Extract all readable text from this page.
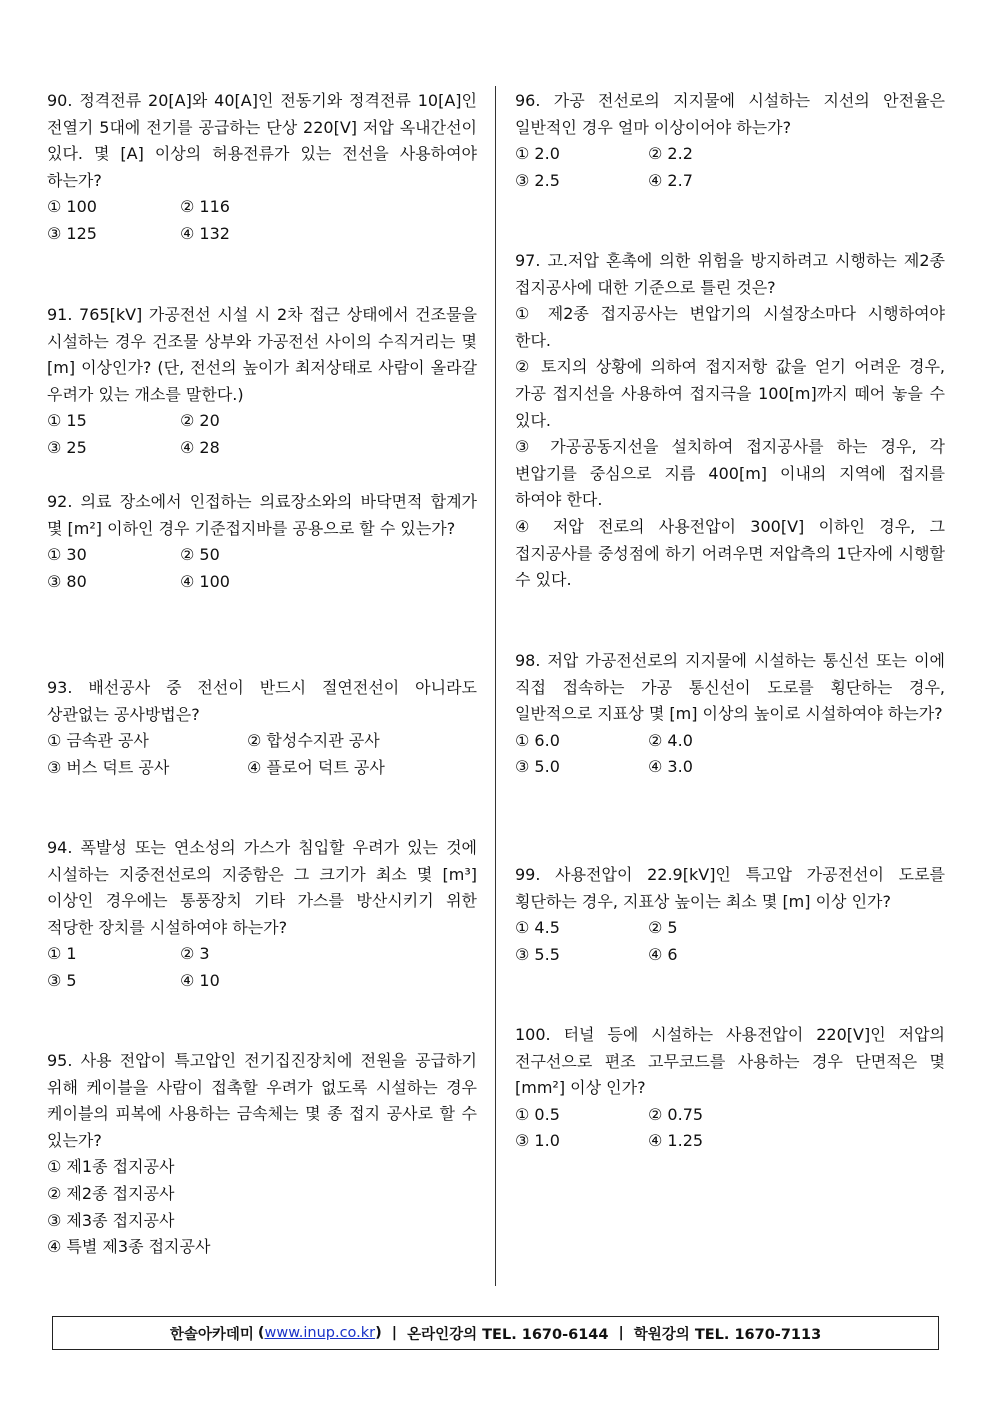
90. 정격전류 20[A]와 40[A]인 전동기와 정격전류 10[A]인 전열기 5대에 전기를 공급하는 단상 220[V] 저압 옥내간선이 있다. 몇 [A] 이상의 허용전류가 있는 전선을 사용하여야 하는가?
① 100	② 116
③ 125	④ 132
91. 765[kV] 가공전선 시설 시 2차 접근 상태에서 건조물을 시설하는 경우 건조물 상부와 가공전선 사이의 수직거리는 몇 [m] 이상인가? (단, 전선의 높이가 최저상태로 사람이 올라갈 우려가 있는 개소를 말한다.)
① 15	② 20
③ 25	④ 28
92. 의료 장소에서 인접하는 의료장소와의 바닥면적 합계가 몇 [m²] 이하인 경우 기준접지바를 공용으로 할 수 있는가?
① 30	② 50
③ 80	④ 100
93. 배선공사 중 전선이 반드시 절연전선이 아니라도 상관없는 공사방법은?
① 금속관 공사	② 합성수지관 공사
③ 버스 덕트 공사	④ 플로어 덕트 공사
94. 폭발성 또는 연소성의 가스가 침입할 우려가 있는 것에 시설하는 지중전선로의 지중함은 그 크기가 최소 몇 [m³] 이상인 경우에는 통풍장치 기타 가스를 방산시키기 위한 적당한 장치를 시설하여야 하는가?
① 1	② 3
③ 5	④ 10
95. 사용 전압이 특고압인 전기집진장치에 전원을 공급하기 위해 케이블을 사람이 접촉할 우려가 없도록 시설하는 경우 케이블의 피복에 사용하는 금속체는 몇 종 접지 공사로 할 수 있는가?
① 제1종 접지공사
② 제2종 접지공사
③ 제3종 접지공사
④ 특별 제3종 접지공사
96. 가공 전선로의 지지물에 시설하는 지선의 안전율은 일반적인 경우 얼마 이상이어야 하는가?
① 2.0	② 2.2
③ 2.5	④ 2.7
97. 고.저압 혼촉에 의한 위험을 방지하려고 시행하는 제2종 접지공사에 대한 기준으로 틀린 것은?
① 제2종 접지공사는 변압기의 시설장소마다 시행하여야 한다.
② 토지의 상황에 의하여 접지저항 값을 얻기 어려운 경우, 가공 접지선을 사용하여 접지극을 100[m]까지 떼어 놓을 수 있다.
③ 가공공동지선을 설치하여 접지공사를 하는 경우, 각 변압기를 중심으로 지름 400[m] 이내의 지역에 접지를 하여야 한다.
④ 저압 전로의 사용전압이 300[V] 이하인 경우, 그 접지공사를 중성점에 하기 어려우면 저압측의 1단자에 시행할 수 있다.
98. 저압 가공전선로의 지지물에 시설하는 통신선 또는 이에 직접 접속하는 가공 통신선이 도로를 횡단하는 경우, 일반적으로 지표상 몇 [m] 이상의 높이로 시설하여야 하는가?
① 6.0	② 4.0
③ 5.0	④ 3.0
99. 사용전압이 22.9[kV]인 특고압 가공전선이 도로를 횡단하는 경우, 지표상 높이는 최소 몇 [m] 이상 인가?
① 4.5	② 5
③ 5.5	④ 6
100. 터널 등에 시설하는 사용전압이 220[V]인 저압의 전구선으로 편조 고무코드를 사용하는 경우 단면적은 몇 [mm²] 이상 인가?
① 0.5	② 0.75
③ 1.0	④ 1.25
한솔아카데미 ( www.inup.co.kr ) | 온라인강의 TEL. 1670-6144 | 학원강의 TEL. 1670-7113
